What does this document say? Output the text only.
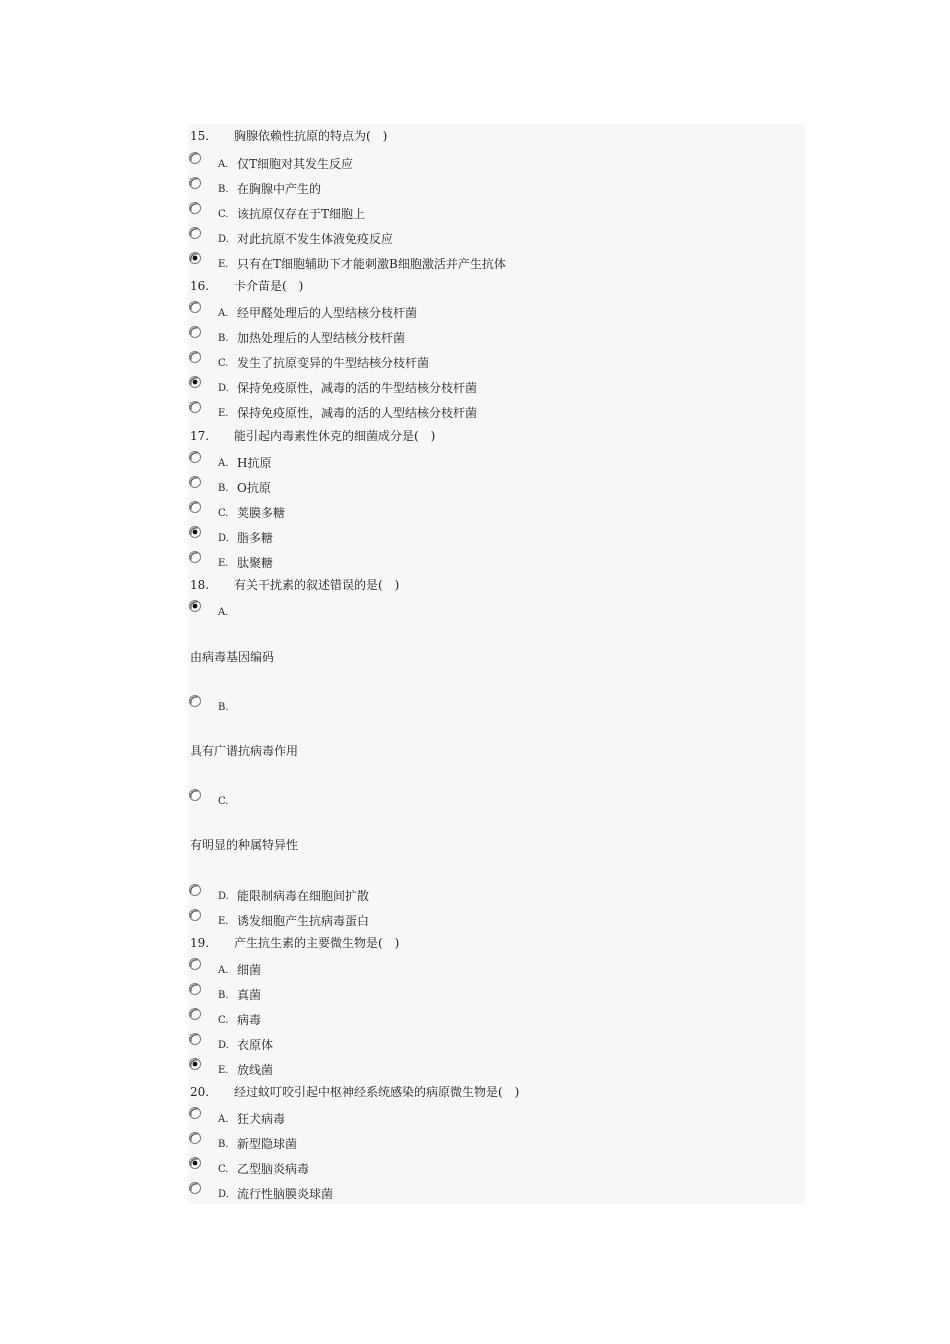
15. 胸腺依赖性抗原的特点为(　)
A. 仅T细胞对其发生反应
B. 在胸腺中产生的
C. 该抗原仅存在于T细胞上
D. 对此抗原不发生体液免疫反应
E. 只有在T细胞辅助下才能刺激B细胞激活并产生抗体
16. 卡介苗是(　)
A. 经甲醛处理后的人型结核分枝杆菌
B. 加热处理后的人型结核分枝杆菌
C. 发生了抗原变异的牛型结核分枝杆菌
D. 保持免疫原性，减毒的活的牛型结核分枝杆菌
E. 保持免疫原性，减毒的活的人型结核分枝杆菌
17. 能引起内毒素性休克的细菌成分是(　)
A. H抗原
B. O抗原
C. 荚膜多糖
D. 脂多糖
E. 肽聚糖
18. 有关干扰素的叙述错误的是(　)
A.
由病毒基因编码
B.
具有广谱抗病毒作用
C.
有明显的种属特异性
D. 能限制病毒在细胞间扩散
E. 诱发细胞产生抗病毒蛋白
19. 产生抗生素的主要微生物是(　)
A. 细菌
B. 真菌
C. 病毒
D. 衣原体
E. 放线菌
20. 经过蚊叮咬引起中枢神经系统感染的病原微生物是(　)
A. 狂犬病毒
B. 新型隐球菌
C. 乙型脑炎病毒
D. 流行性脑膜炎球菌
